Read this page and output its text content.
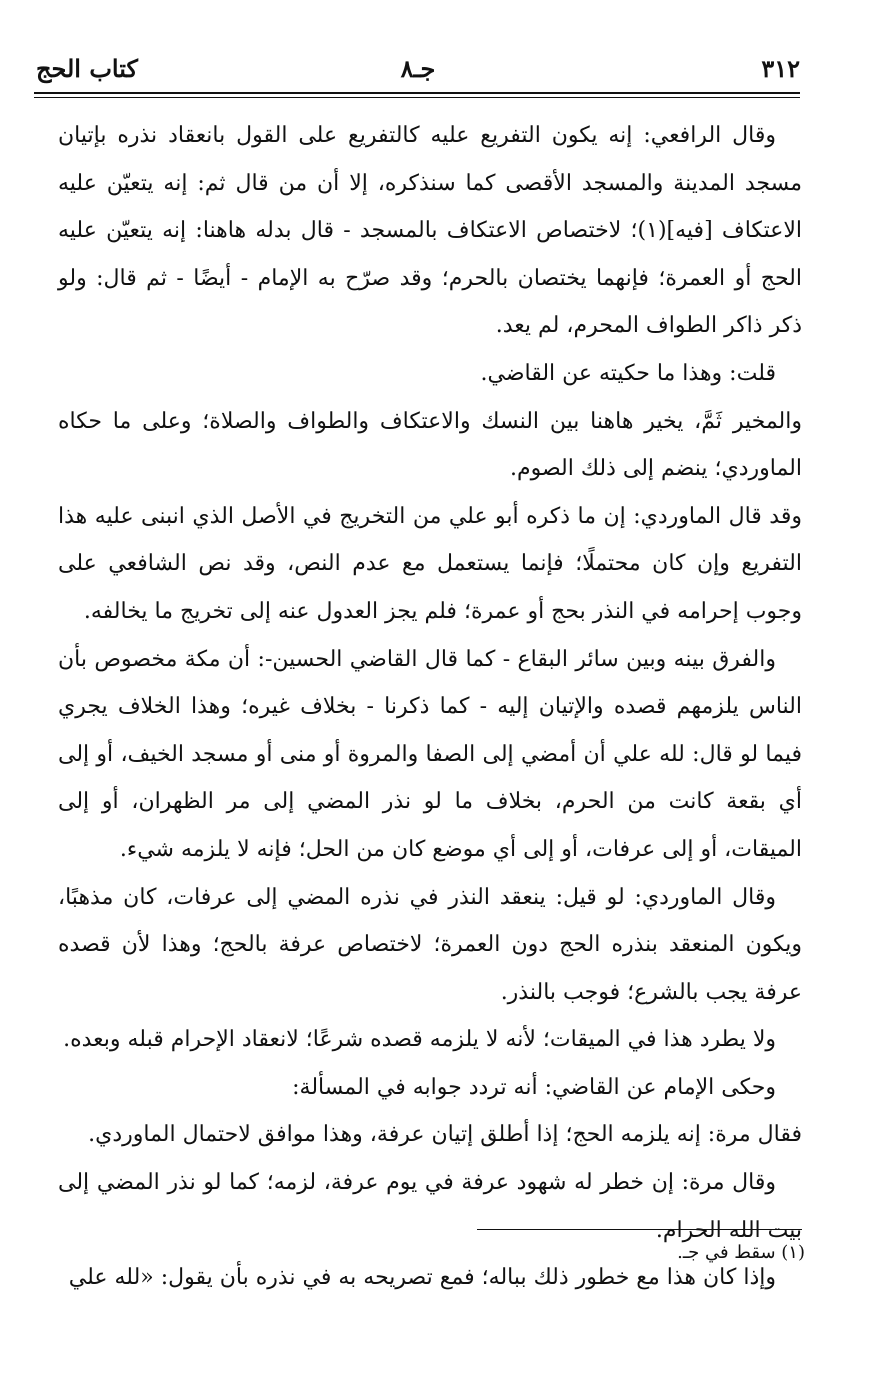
٣١٢
جـ٨
كتاب الحج

وقال الرافعي: إنه يكون التفريع عليه كالتفريع على القول بانعقاد نذره بإتيان مسجد المدينة والمسجد الأقصى كما سنذكره، إلا أن من قال ثم: إنه يتعيّن عليه الاعتكاف [فيه](١)؛ لاختصاص الاعتكاف بالمسجد - قال بدله هاهنا: إنه يتعيّن عليه الحج أو العمرة؛ فإنهما يختصان بالحرم؛ وقد صرّح به الإمام - أيضًا - ثم قال: ولو ذكر ذاكر الطواف المحرم، لم يعد.

قلت: وهذا ما حكيته عن القاضي.

والمخير ثَمَّ، يخير هاهنا بين النسك والاعتكاف والطواف والصلاة؛ وعلى ما حكاه الماوردي؛ ينضم إلى ذلك الصوم.

وقد قال الماوردي: إن ما ذكره أبو علي من التخريج في الأصل الذي انبنى عليه هذا التفريع وإن كان محتملًا؛ فإنما يستعمل مع عدم النص، وقد نص الشافعي على وجوب إحرامه في النذر بحج أو عمرة؛ فلم يجز العدول عنه إلى تخريج ما يخالفه.

والفرق بينه وبين سائر البقاع - كما قال القاضي الحسين-: أن مكة مخصوص بأن الناس يلزمهم قصده والإتيان إليه - كما ذكرنا - بخلاف غيره؛ وهذا الخلاف يجري فيما لو قال: لله علي أن أمضي إلى الصفا والمروة أو منى أو مسجد الخيف، أو إلى أي بقعة كانت من الحرم، بخلاف ما لو نذر المضي إلى مر الظهران، أو إلى الميقات، أو إلى عرفات، أو إلى أي موضع كان من الحل؛ فإنه لا يلزمه شيء.

وقال الماوردي: لو قيل: ينعقد النذر في نذره المضي إلى عرفات، كان مذهبًا، ويكون المنعقد بنذره الحج دون العمرة؛ لاختصاص عرفة بالحج؛ وهذا لأن قصده عرفة يجب بالشرع؛ فوجب بالنذر.

ولا يطرد هذا في الميقات؛ لأنه لا يلزمه قصده شرعًا؛ لانعقاد الإحرام قبله وبعده.

وحكى الإمام عن القاضي: أنه تردد جوابه في المسألة:

فقال مرة: إنه يلزمه الحج؛ إذا أطلق إتيان عرفة، وهذا موافق لاحتمال الماوردي.

وقال مرة: إن خطر له شهود عرفة في يوم عرفة، لزمه؛ كما لو نذر المضي إلى بيت الله الحرام.

وإذا كان هذا مع خطور ذلك بباله؛ فمع تصريحه به في نذره بأن يقول: «لله علي

(١) سقط في جـ.
